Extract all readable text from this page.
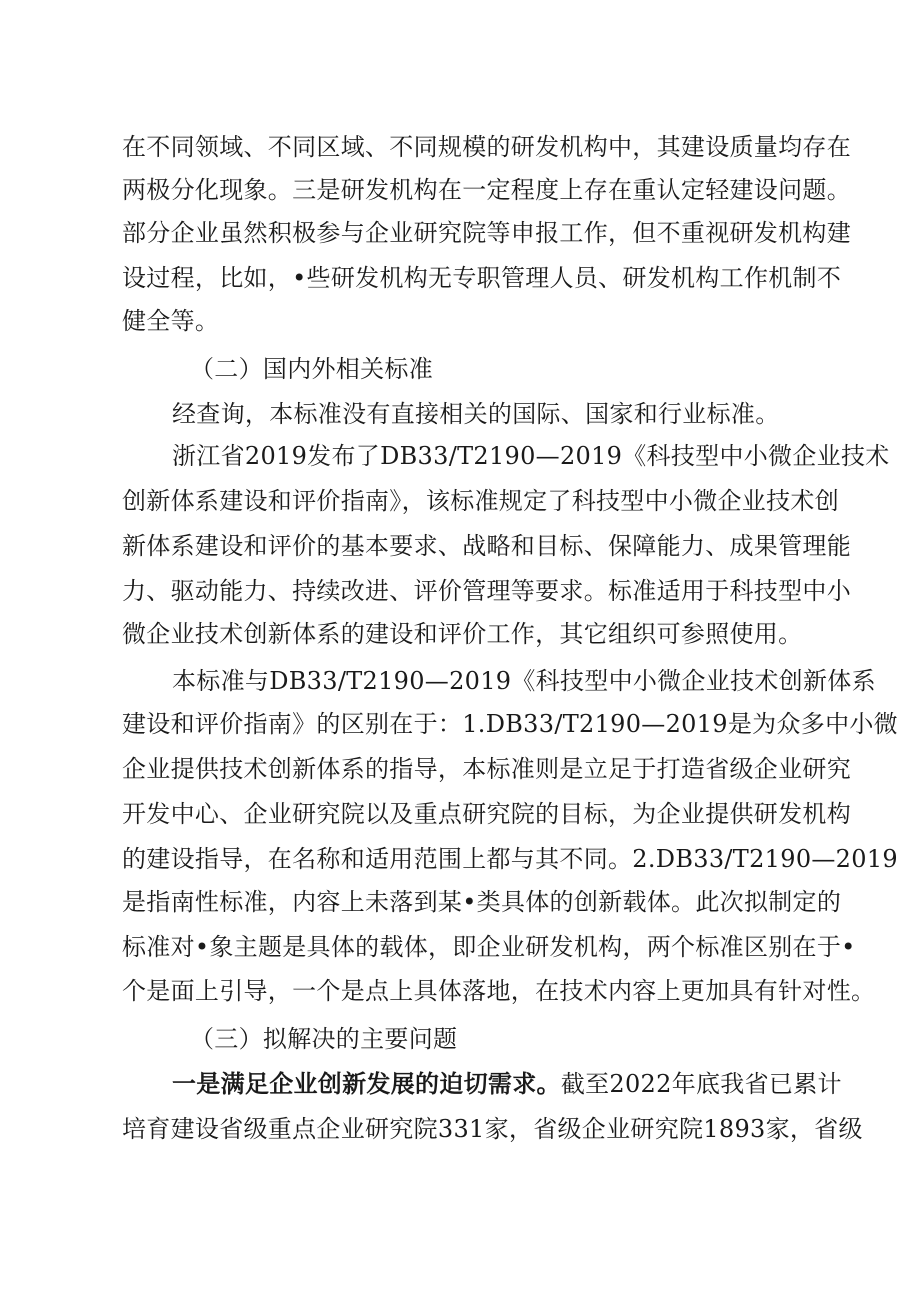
在不同领域、不同区域、不同规模的研发机构中，其建设质量均存在
两极分化现象。三是研发机构在一定程度上存在重认定轻建设问题。
部分企业虽然积极参与企业研究院等申报工作，但不重视研发机构建
设过程，比如，•些研发机构无专职管理人员、研发机构工作机制不
健全等。
（二）国内外相关标准
经查询，本标准没有直接相关的国际、国家和行业标准。
浙江省2019发布了DB33/T2190—2019《科技型中小微企业技术
创新体系建设和评价指南》，该标准规定了科技型中小微企业技术创
新体系建设和评价的基本要求、战略和目标、保障能力、成果管理能
力、驱动能力、持续改进、评价管理等要求。标准适用于科技型中小
微企业技术创新体系的建设和评价工作，其它组织可参照使用。
本标准与DB33/T2190—2019《科技型中小微企业技术创新体系
建设和评价指南》的区别在于：1.DB33/T2190—2019是为众多中小微
企业提供技术创新体系的指导，本标准则是立足于打造省级企业研究
开发中心、企业研究院以及重点研究院的目标，为企业提供研发机构
的建设指导，在名称和适用范围上都与其不同。2.DB33/T2190—2019
是指南性标准，内容上未落到某•类具体的创新载体。此次拟制定的
标准对•象主题是具体的载体，即企业研发机构，两个标准区别在于•
个是面上引导，一个是点上具体落地，在技术内容上更加具有针对性。
（三）拟解决的主要问题
一是满足企业创新发展的迫切需求。截至2022年底我省已累计
培育建设省级重点企业研究院331家，省级企业研究院1893家，省级
